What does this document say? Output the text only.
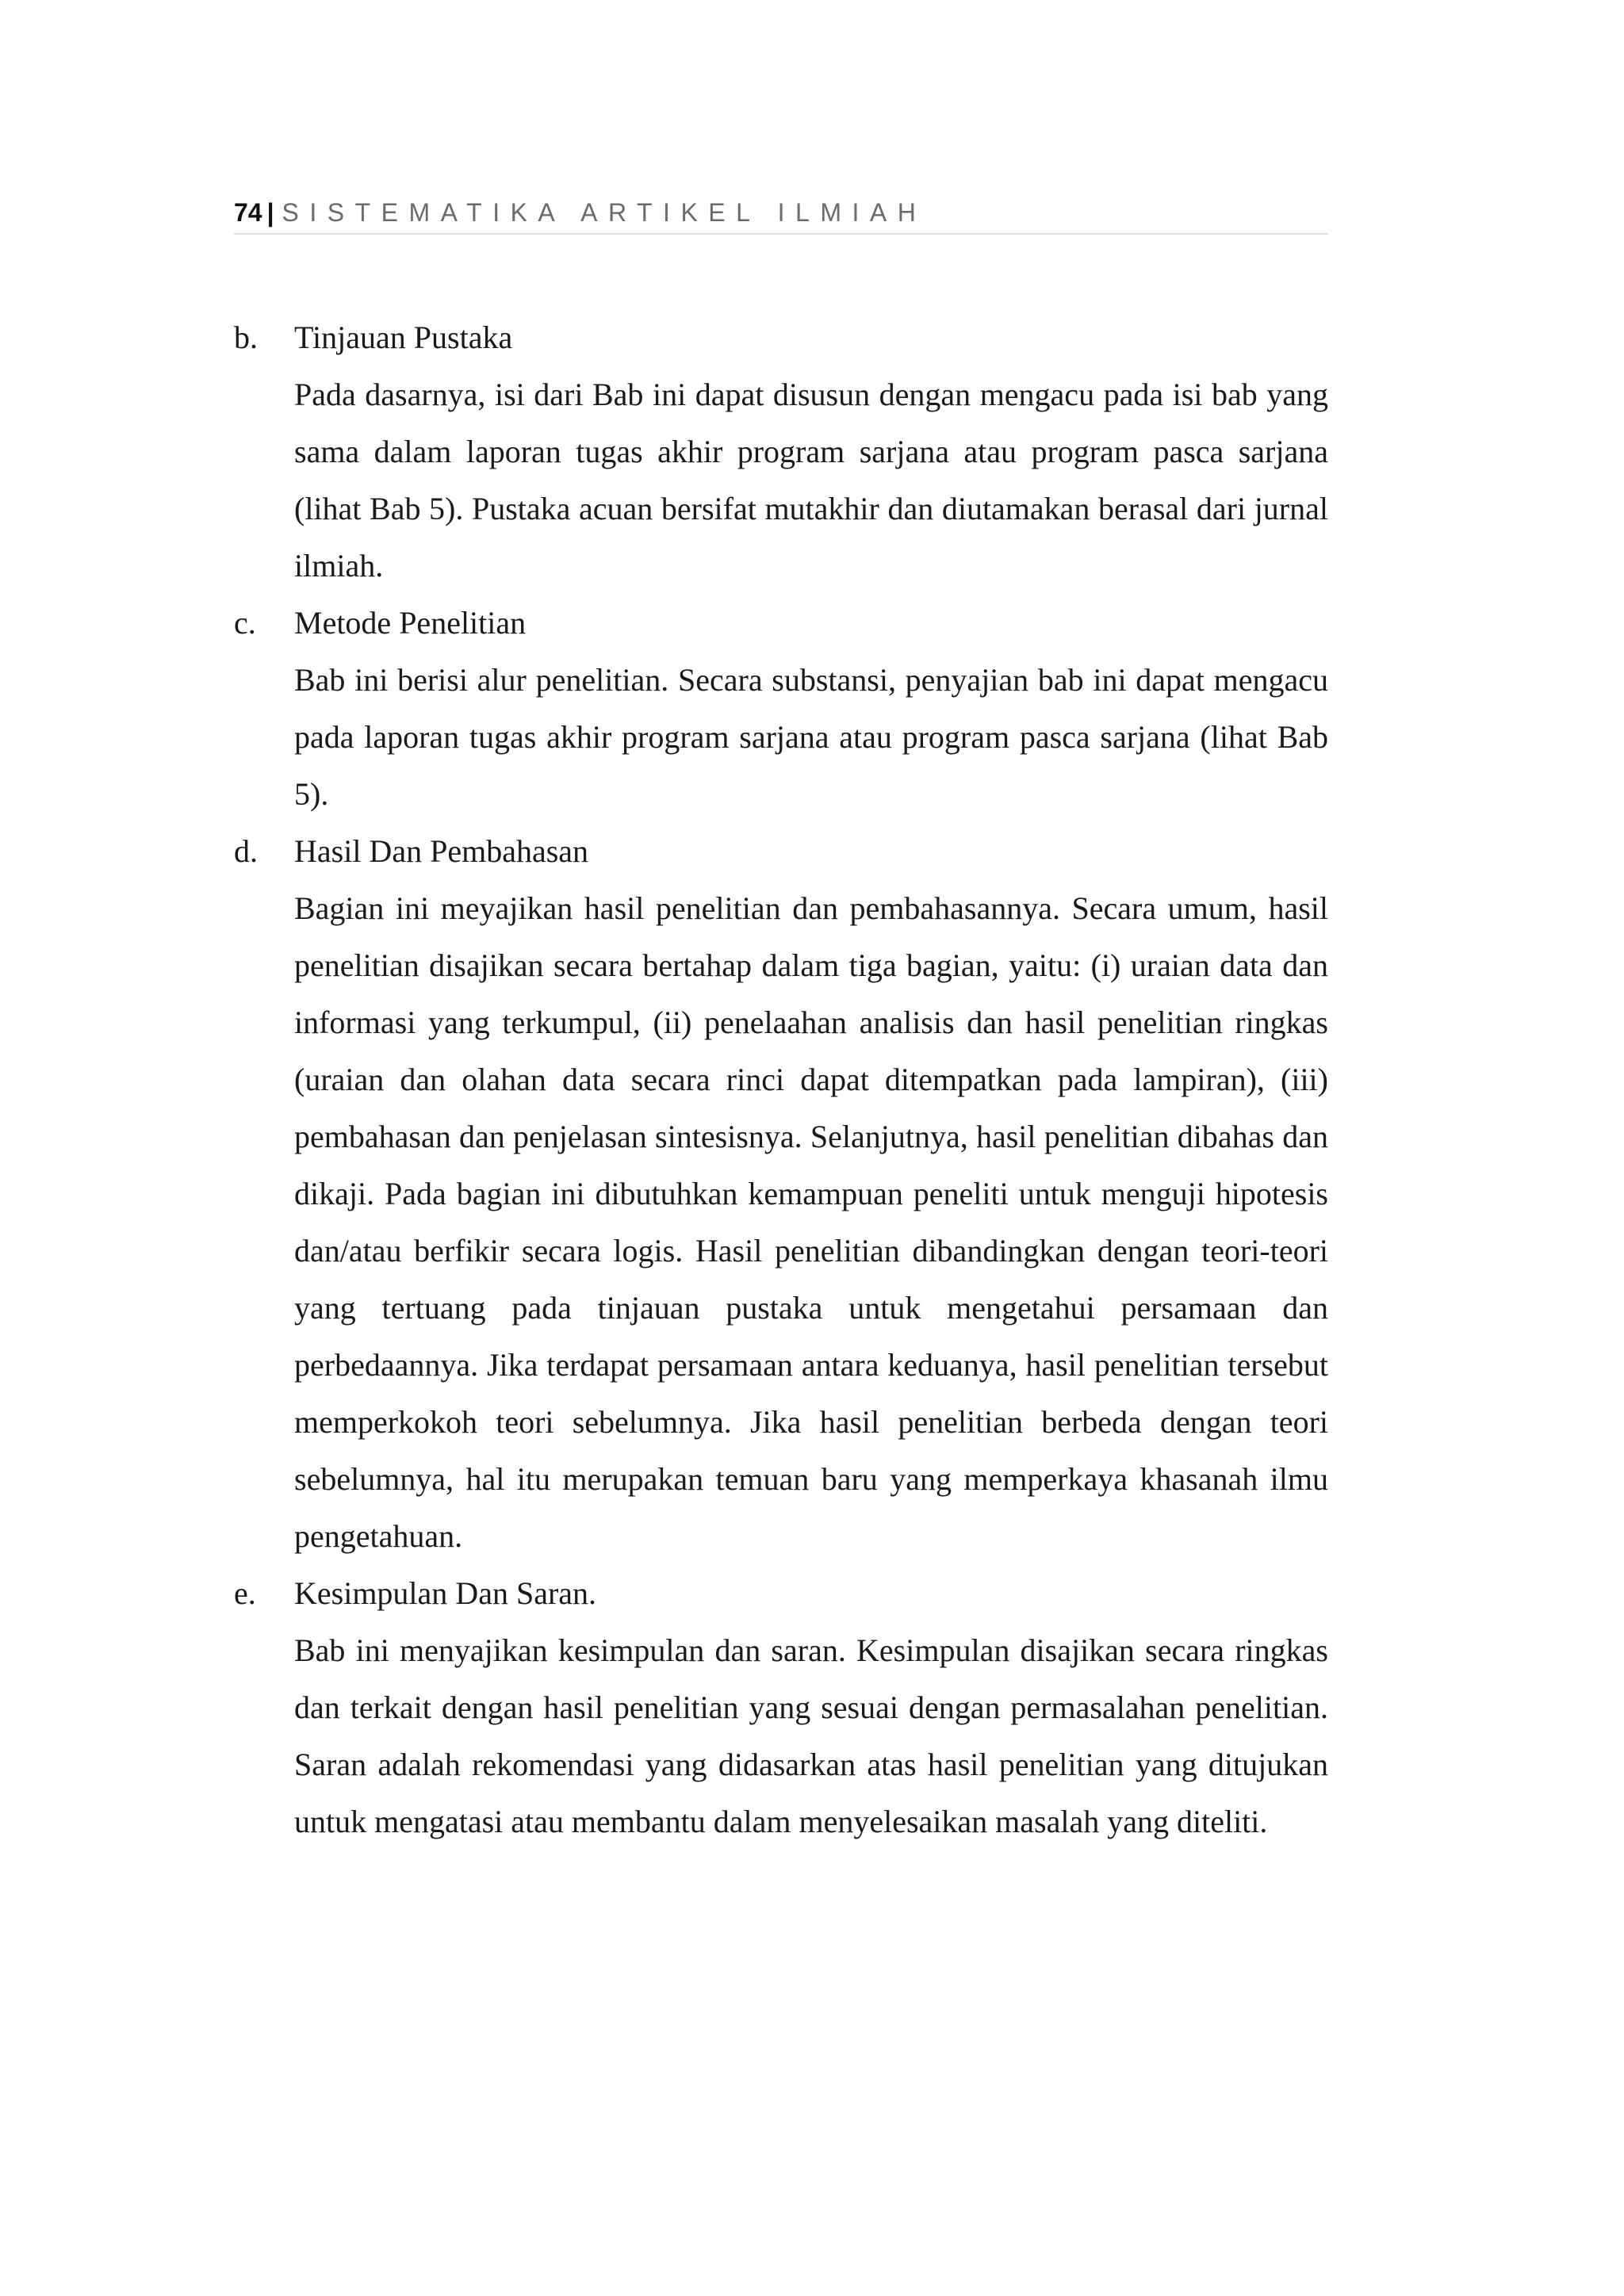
74 | SISTEMATIKA ARTIKEL ILMIAH
b. Tinjauan Pustaka

Pada dasarnya, isi dari Bab ini dapat disusun dengan mengacu pada isi bab yang sama dalam laporan tugas akhir program sarjana atau program pasca sarjana (lihat Bab 5). Pustaka acuan bersifat mutakhir dan diutamakan berasal dari jurnal ilmiah.

c. Metode Penelitian

Bab ini berisi alur penelitian. Secara substansi, penyajian bab ini dapat mengacu pada laporan tugas akhir program sarjana atau program pasca sarjana (lihat Bab 5).

d. Hasil Dan Pembahasan

Bagian ini meyajikan hasil penelitian dan pembahasannya. Secara umum, hasil penelitian disajikan secara bertahap dalam tiga bagian, yaitu: (i) uraian data dan informasi yang terkumpul, (ii) penelaahan analisis dan hasil penelitian ringkas (uraian dan olahan data secara rinci dapat ditempatkan pada lampiran), (iii) pembahasan dan penjelasan sintesisnya. Selanjutnya, hasil penelitian dibahas dan dikaji. Pada bagian ini dibutuhkan kemampuan peneliti untuk menguji hipotesis dan/atau berfikir secara logis. Hasil penelitian dibandingkan dengan teori-teori yang tertuang pada tinjauan pustaka untuk mengetahui persamaan dan perbedaannya. Jika terdapat persamaan antara keduanya, hasil penelitian tersebut memperkokoh teori sebelumnya. Jika hasil penelitian berbeda dengan teori sebelumnya, hal itu merupakan temuan baru yang memperkaya khasanah ilmu pengetahuan.

e. Kesimpulan Dan Saran.

Bab ini menyajikan kesimpulan dan saran. Kesimpulan disajikan secara ringkas dan terkait dengan hasil penelitian yang sesuai dengan permasalahan penelitian. Saran adalah rekomendasi yang didasarkan atas hasil penelitian yang ditujukan untuk mengatasi atau membantu dalam menyelesaikan masalah yang diteliti.
